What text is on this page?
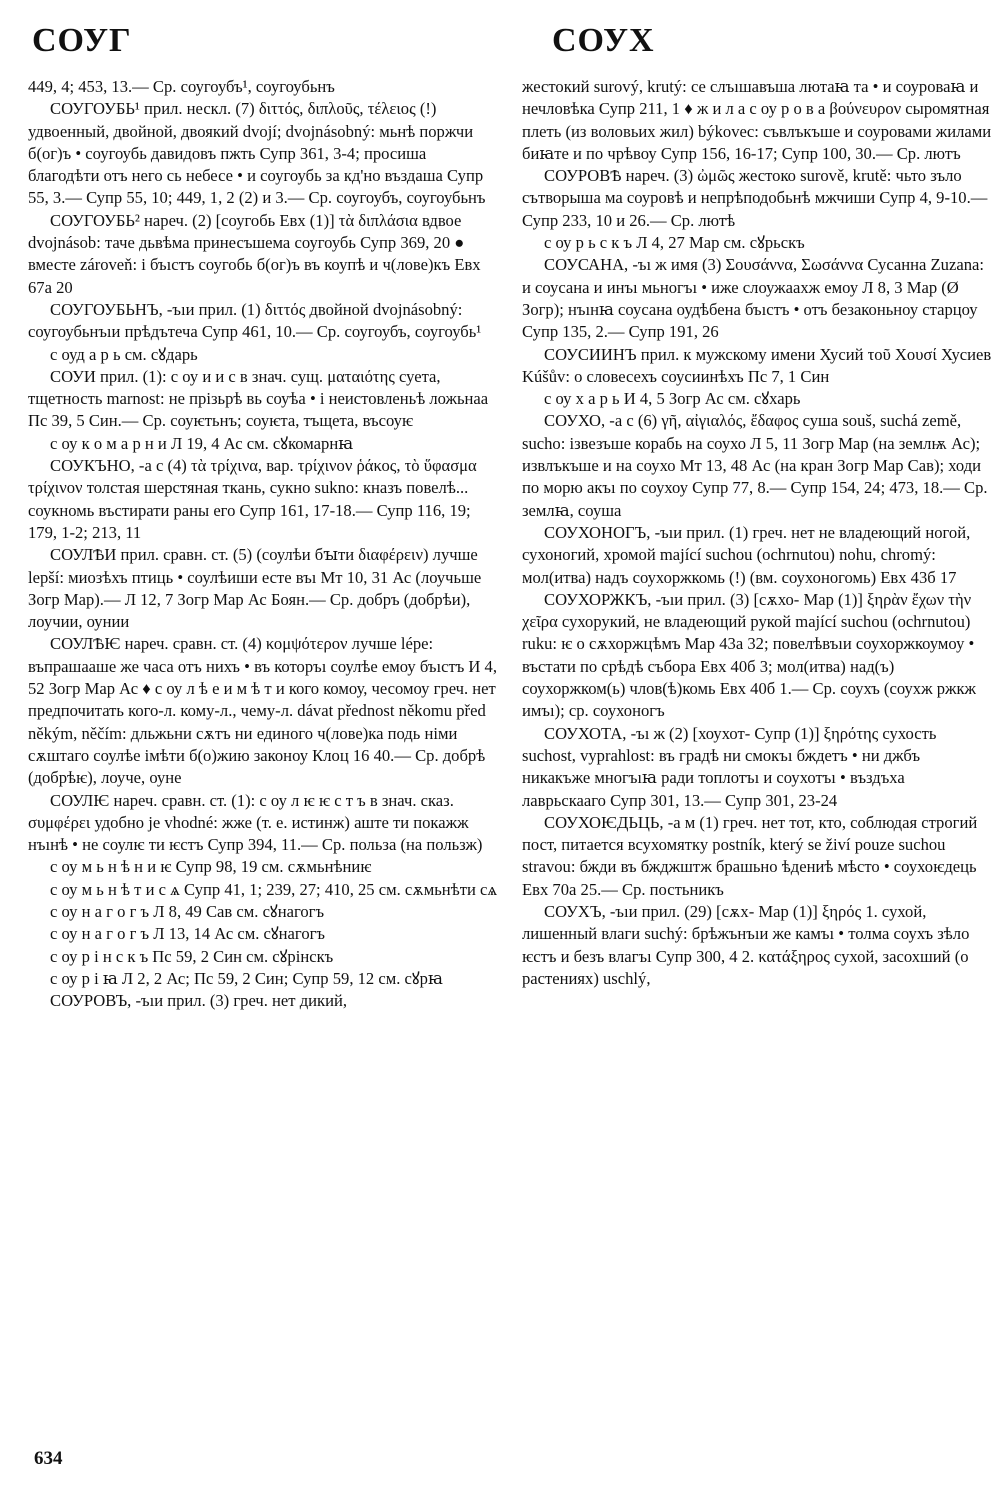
СОУГ	СОУХ

449, 4; 453, 13.— Ср. соугоубъ¹, соугоубьнъ

СОУГОУБЬ¹ прил. нескл. (7) διττός, διπλοῦς, τέλειος (!) удвоенный, двойной, двоякий dvojí; dvojnásobný: мьнѣ поржчи б(ог)ъ • соугоубь давидовъ пжть Супр 361, 3-4; просиша благодѣти отъ него сь небесе • и соугоубь за кд'но въздаша Супр 55, 3.— Супр 55, 10; 449, 1, 2 (2) и 3.— Ср. соугоубъ, соугоубьнъ

СОУГОУБЬ² нареч. (2) [соугобь Евх (1)] τὰ διπλάσια вдвое dvojnásob: таче дьвѣма принесъшема соугоубь Супр 369, 20 ● вместе zároveň: і бъıстъ соугобь б(ог)ъ въ коупѣ и ч(лове)къ Евх 67а 20

СОУГОУБЬНЪ, -ъıи прил. (1) διττός двойной dvojnásobný: соугоубьнъıи прѣдътеча Супр 461, 10.— Ср. соугоубъ, соугоубь¹

с оуд а р ь см. сꙋдарь

СОУИ прил. (1): с оу и и с в знач. сущ. ματαιότης суета, тщетность marnost: не прізьрѣ вь соуѣа • і неистовленьѣ ложьнаа Пс 39, 5 Син.— Ср. соуѥтьнъ; соуѥта, тъщета, въсоуѥ

с оу к о м а р н и Л 19, 4 Ас см. сꙋкомарнꙗ

СОУКЪНО, -а с (4) τὰ τρίχινα, вар. τρίχινον ῥάκος, τὸ ὕφασμα τρίχινον толстая шерстяная ткань, сукно sukno: кназъ повелѣ... соукномь въстирати раны его Супр 161, 17-18.— Супр 116, 19; 179, 1-2; 213, 11

СОУЛѢИ прил. сравн. ст. (5) (соулѣи бꙑти διαφέρειν) лучше lepší: миозѣхъ птиць • соулѣиши есте въı Мт 10, 31 Ас (лоучьше Зогр Мар).— Л 12, 7 Зогр Мар Ас Боян.— Ср. добръ (добрѣи), лоучии, оунии

СОУЛѢѤ нареч. сравн. ст. (4) κομψότερον лучше lépe: въпрашааше же часа отъ нихъ • въ которъı соулѣе емоу бъıстъ И 4, 52 Зогр Мар Ас ♦ с оу л ѣ е и м ѣ т и кого комоу, чесомоу греч. нет предпочитать кого-л. кому-л., чему-л. dávat přednost někomu před někým, něčím: дльжьни сѫтъ ни единого ч(лове)ка подь німи сѫштаго соулѣе імѣти б(о)жию законоу Клоц 16 40.— Ср. добрѣ (добрѣѥ), лоуче, оуне

СОУЛѤ нареч. сравн. ст. (1): с оу л ѥ ѥ с т ъ в знач. сказ. συμφέρει удобно je vhodné: жже (т. е. истинж) аште ти покажж нъıнѣ • не соулѥ ти ѥстъ Супр 394, 11.— Ср. польза (на пользж)

с оу м ь н ѣ н и ѥ Супр 98, 19 см. сѫмьнѣниѥ

с оу м ь н ѣ т и с ѧ Супр 41, 1; 239, 27; 410, 25 см. сѫмьнѣти сѧ

с оу н а г о г ъ Л 8, 49 Сав см. сꙋнагогъ

с оу н а г о г ъ Л 13, 14 Ас см. сꙋнагогъ

с оу р і н с к ъ Пс 59, 2 Син см. сꙋрінскъ

с оу р і ꙗ Л 2, 2 Ас; Пс 59, 2 Син; Супр 59, 12 см. сꙋрꙗ

СОУРОВЪ, -ъıи прил. (3) греч. нет дикий,

жестокий surový, krutý: се слъıшавъша лютаꙗ та • и соуроваꙗ и нечловѣка Супр 211, 1 ♦ ж и л а с оу р о в а βούνευρον сыромятная плеть (из воловьих жил) býkovec: съвлъкъше и соуровами жилами биꙗте и по чрѣвоу Супр 156, 16-17; Супр 100, 30.— Ср. лютъ

СОУРОВѢ нареч. (3) ὠμῶς жестоко surově, krutě: чьто зъло сътворыша ма соуровѣ и непрѣподобьнѣ мжчиши Супр 4, 9-10.— Супр 233, 10 и 26.— Ср. лютѣ

с оу р ь с к ъ Л 4, 27 Мар см. сꙋрьскъ

СОУСАНА, -ъı ж имя (3) Σουσάννα, Σωσάννα Сусанна Zuzana: и соусана и инъı мьногъı • иже слоужаахж емоу Л 8, 3 Мар (Ø Зогр); нъıнꙗ соусана оудѣбена бъıстъ • отъ безаконьноу старцоу Супр 135, 2.— Супр 191, 26

СОУСИИНЪ прил. к мужскому имени Хусий τοῦ Χουσί Хусиев Kúšův: о словесехъ соусиинѣхъ Пс 7, 1 Син

с оу х а р ь И 4, 5 Зогр Ас см. сꙋхарь

СОУХО, -а с (6) γῆ, αἰγιαλός, ἔδαφος суша souš, suchá země, sucho: ізвезъше корабь на соухо Л 5, 11 Зогр Мар (на землѭ Ас); извлъкъше и на соухо Мт 13, 48 Ас (на кран Зогр Мар Сав); ходи по морю акъı по соухоу Супр 77, 8.— Супр 154, 24; 473, 18.— Ср. землꙗ, соуша

СОУХОНОГЪ, -ъıи прил. (1) греч. нет не владеющий ногой, сухоногий, хромой mající suchou (ochrnutou) nohu, chromý: мол(итва) надъ соухоржкомь (!) (вм. соухоногомь) Евх 43б 17

СОУХОРЖКЪ, -ъıи прил. (3) [сѫхо- Мар (1)] ξηρὰν ἔχων τὴν χεῖρα сухорукий, не владеющий рукой mající suchou (ochrnutou) ruku: ѥ о сѫхоржцѣмъ Мар 43а 32; повелѣвъıи соухоржкоумоу • въстати по срѣдѣ събора Евх 40б 3; мол(итва) над(ъ) соухоржком(ь) члов(ѣ)комь Евх 40б 1.— Ср. соухъ (соухж ржкж имъı); ср. соухоногъ

СОУХОТА, -ъı ж (2) [хоухот- Супр (1)] ξηρότης сухость suchost, vyprahlost: въ градѣ ни смокъı бждетъ • ни джбъ никакъже многъıꙗ ради топлотъı и соухотъı • въздъха лаврьскааго Супр 301, 13.— Супр 301, 23-24

СОУХОѤДЬЦЬ, -а м (1) греч. нет тот, кто, соблюдая строгий пост, питается всухомятку postník, který se živí pouze suchou stravou: бжди въ бжджштж брашьно ѣдениѣ мѣсто • соухоѥдець Евх 70а 25.— Ср. постьникъ

СОУХЪ, -ъıи прил. (29) [сѫх- Мар (1)] ξηρός 1. сухой, лишенный влаги suchý: брѣжънъıи же камъı • толма соухъ зѣло ѥстъ и безъ влагъı Супр 300, 4 2. κατάξηρος сухой, засохший (о растениях) uschlý,

634
